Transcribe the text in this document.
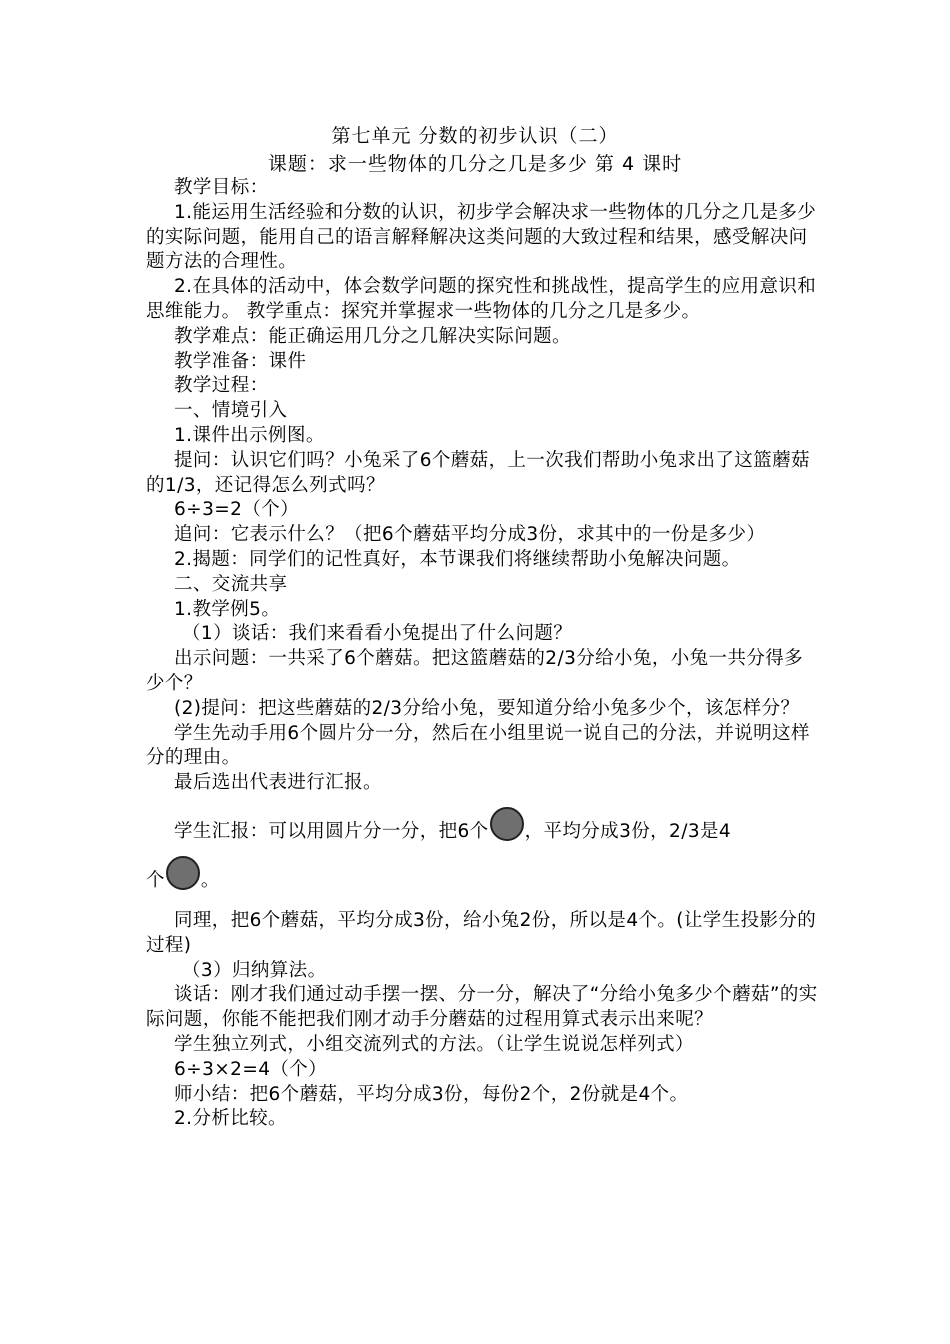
第七单元 分数的初步认识（二）
课题：求一些物体的几分之几是多少 第 4 课时

教学目标：

1.能运用生活经验和分数的认识，初步学会解决求一些物体的几分之几是多少的实际问题，能用自己的语言解释解决这类问题的大致过程和结果，感受解决问题方法的合理性。

2.在具体的活动中，体会数学问题的探究性和挑战性，提高学生的应用意识和思维能力。 教学重点：探究并掌握求一些物体的几分之几是多少。

教学难点：能正确运用几分之几解决实际问题。

教学准备：课件

教学过程：

一、情境引入

1.课件出示例图。

提问：认识它们吗？小兔采了6个蘑菇，上一次我们帮助小兔求出了这篮蘑菇的1/3，还记得怎么列式吗？

6÷3=2（个）

追问：它表示什么？（把6个蘑菇平均分成3份，求其中的一份是多少）

2.揭题：同学们的记性真好，本节课我们将继续帮助小兔解决问题。

二、交流共享

1.教学例5。

（1）谈话：我们来看看小兔提出了什么问题？

出示问题：一共采了6个蘑菇。把这篮蘑菇的2/3分给小兔，小兔一共分得多少个？

(2)提问：把这些蘑菇的2/3分给小兔，要知道分给小兔多少个，该怎样分？

学生先动手用6个圆片分一分，然后在小组里说一说自己的分法，并说明这样分的理由。

最后选出代表进行汇报。

学生汇报：可以用圆片分一分，把6个 ，平均分成3份，2/3是4

个 。

同理，把6个蘑菇，平均分成3份，给小兔2份，所以是4个。(让学生投影分的过程)

（3）归纳算法。

谈话：刚才我们通过动手摆一摆、分一分，解决了“分给小兔多少个蘑菇”的实际问题，你能不能把我们刚才动手分蘑菇的过程用算式表示出来呢？

学生独立列式，小组交流列式的方法。（让学生说说怎样列式）

6÷3×2=4（个）

师小结：把6个蘑菇，平均分成3份，每份2个，2份就是4个。

2.分析比较。
